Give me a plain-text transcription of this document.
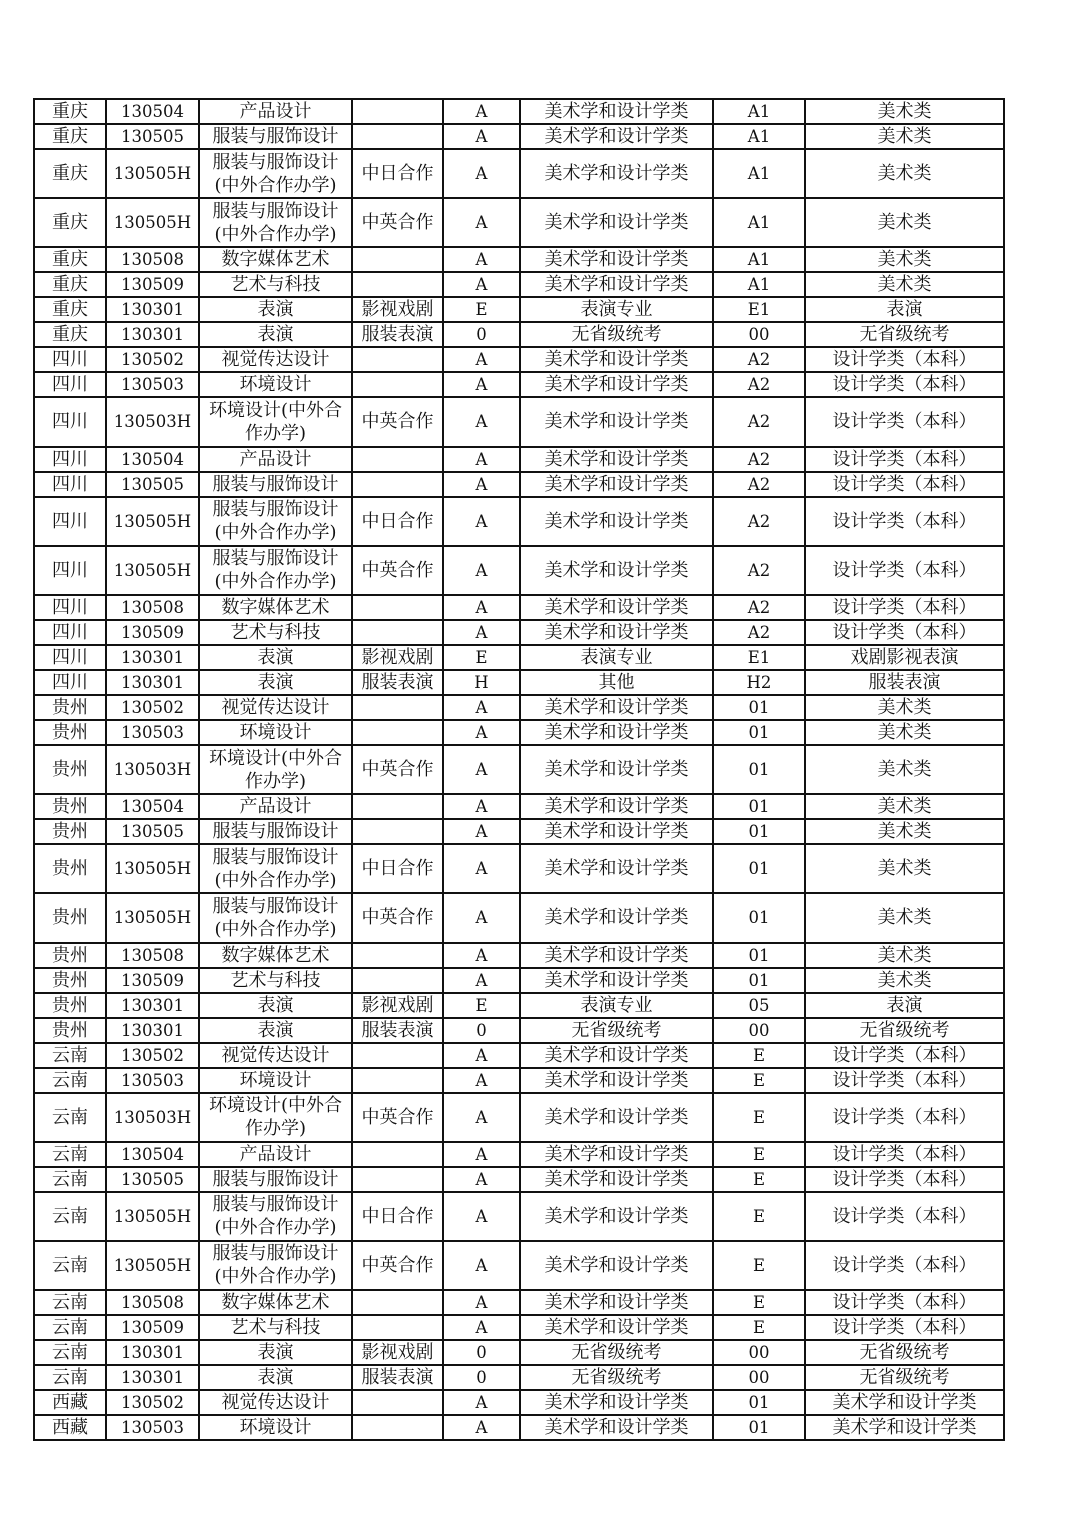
重庆	130504	产品设计		A	美术学和设计学类	A1	美术类
重庆	130505	服装与服饰设计		A	美术学和设计学类	A1	美术类
重庆	130505H	服装与服饰设计(中外合作办学)	中日合作	A	美术学和设计学类	A1	美术类
重庆	130505H	服装与服饰设计(中外合作办学)	中英合作	A	美术学和设计学类	A1	美术类
重庆	130508	数字媒体艺术		A	美术学和设计学类	A1	美术类
重庆	130509	艺术与科技		A	美术学和设计学类	A1	美术类
重庆	130301	表演	影视戏剧	E	表演专业	E1	表演
重庆	130301	表演	服装表演	0	无省级统考	00	无省级统考
四川	130502	视觉传达设计		A	美术学和设计学类	A2	设计学类（本科）
四川	130503	环境设计		A	美术学和设计学类	A2	设计学类（本科）
四川	130503H	环境设计(中外合作办学)	中英合作	A	美术学和设计学类	A2	设计学类（本科）
四川	130504	产品设计		A	美术学和设计学类	A2	设计学类（本科）
四川	130505	服装与服饰设计		A	美术学和设计学类	A2	设计学类（本科）
四川	130505H	服装与服饰设计(中外合作办学)	中日合作	A	美术学和设计学类	A2	设计学类（本科）
四川	130505H	服装与服饰设计(中外合作办学)	中英合作	A	美术学和设计学类	A2	设计学类（本科）
四川	130508	数字媒体艺术		A	美术学和设计学类	A2	设计学类（本科）
四川	130509	艺术与科技		A	美术学和设计学类	A2	设计学类（本科）
四川	130301	表演	影视戏剧	E	表演专业	E1	戏剧影视表演
四川	130301	表演	服装表演	H	其他	H2	服装表演
贵州	130502	视觉传达设计		A	美术学和设计学类	01	美术类
贵州	130503	环境设计		A	美术学和设计学类	01	美术类
贵州	130503H	环境设计(中外合作办学)	中英合作	A	美术学和设计学类	01	美术类
贵州	130504	产品设计		A	美术学和设计学类	01	美术类
贵州	130505	服装与服饰设计		A	美术学和设计学类	01	美术类
贵州	130505H	服装与服饰设计(中外合作办学)	中日合作	A	美术学和设计学类	01	美术类
贵州	130505H	服装与服饰设计(中外合作办学)	中英合作	A	美术学和设计学类	01	美术类
贵州	130508	数字媒体艺术		A	美术学和设计学类	01	美术类
贵州	130509	艺术与科技		A	美术学和设计学类	01	美术类
贵州	130301	表演	影视戏剧	E	表演专业	05	表演
贵州	130301	表演	服装表演	0	无省级统考	00	无省级统考
云南	130502	视觉传达设计		A	美术学和设计学类	E	设计学类（本科）
云南	130503	环境设计		A	美术学和设计学类	E	设计学类（本科）
云南	130503H	环境设计(中外合作办学)	中英合作	A	美术学和设计学类	E	设计学类（本科）
云南	130504	产品设计		A	美术学和设计学类	E	设计学类（本科）
云南	130505	服装与服饰设计		A	美术学和设计学类	E	设计学类（本科）
云南	130505H	服装与服饰设计(中外合作办学)	中日合作	A	美术学和设计学类	E	设计学类（本科）
云南	130505H	服装与服饰设计(中外合作办学)	中英合作	A	美术学和设计学类	E	设计学类（本科）
云南	130508	数字媒体艺术		A	美术学和设计学类	E	设计学类（本科）
云南	130509	艺术与科技		A	美术学和设计学类	E	设计学类（本科）
云南	130301	表演	影视戏剧	0	无省级统考	00	无省级统考
云南	130301	表演	服装表演	0	无省级统考	00	无省级统考
西藏	130502	视觉传达设计		A	美术学和设计学类	01	美术学和设计学类
西藏	130503	环境设计		A	美术学和设计学类	01	美术学和设计学类
